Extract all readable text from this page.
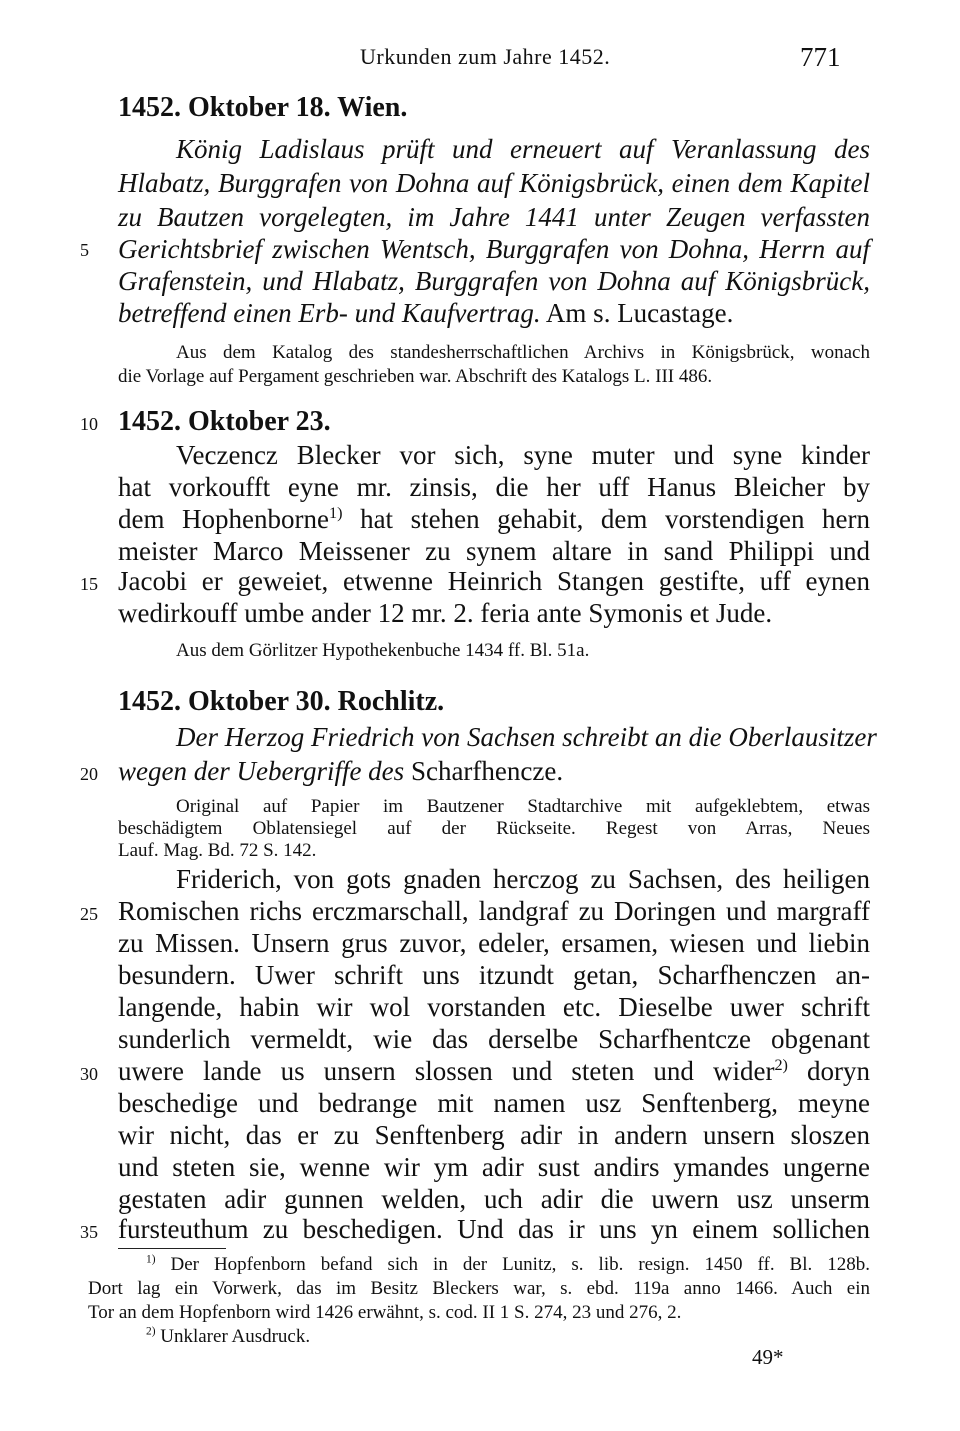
Urkunden zum Jahre 1452.	771
1452. Oktober 18. Wien.
König Ladislaus prüft und erneuert auf Veranlassung des
Hlabatz, Burggrafen von Dohna auf Königsbrück, einen dem Kapitel
zu Bautzen vorgelegten, im Jahre 1441 unter Zeugen verfassten
5	Gerichtsbrief zwischen Wentsch, Burggrafen von Dohna, Herrn auf
Grafenstein, und Hlabatz, Burggrafen von Dohna auf Königsbrück,
betreffend einen Erb- und Kaufvertrag. Am s. Lucastage.
Aus dem Katalog des standesherrschaftlichen Archivs in Königsbrück, wonach
die Vorlage auf Pergament geschrieben war. Abschrift des Katalogs L. III 486.
10 1452. Oktober 23.
Veczencz Blecker vor sich, syne muter und syne kinder
hat vorkoufft eyne mr. zinsis, die her uff Hanus Bleicher by
dem Hophenborne$^{1)}$ hat stehen gehabit, dem vorstendigen hern
meister Marco Meissener zu synem altare in sand Philippi und
15 Jacobi er geweiet, etwenne Heinrich Stangen gestifte, uff eynen
wedirkouff umbe ander 12 mr. 2. feria ante Symonis et Jude.
Aus dem Görlitzer Hypothekenbuche 1434 ff. Bl. 51a.
1452. Oktober 30. Rochlitz.
Der Herzog Friedrich von Sachsen schreibt an die Oberlausitzer
20 wegen der Uebergriffe des Scharfhencze.
Original auf Papier im Bautzener Stadtarchive mit aufgeklebtem, etwas
beschädigtem Oblatensiegel auf der Rückseite. Regest von Arras, Neues
Lauf. Mag. Bd. 72 S. 142.
Friderich, von gots gnaden herczog zu Sachsen, des heiligen
25 Romischen richs erczmarschall, landgraf zu Doringen und margraff
zu Missen. Unsern grus zuvor, edeler, ersamen, wiesen und liebin
besundern. Uwer schrift uns itzundt getan, Scharfhenczen an-
langende, habin wir wol vorstanden etc. Dieselbe uwer schrift
sunderlich vermeldt, wie das derselbe Scharfhentcze obgenant
30 uwere lande us unsern slossen und steten und wider$^{2)}$ doryn
beschedige und bedrange mit namen usz Senftenberg, meyne
wir nicht, das er zu Senftenberg adir in andern unsern sloszen
und steten sie, wenne wir ym adir sust andirs ymandes ungerne
gestaten adir gunnen welden, uch adir die uwern usz unserm
35 fursteuthum zu beschedigen. Und das ir uns yn einem sollichen
$^{1)}$ Der Hopfenborn befand sich in der Lunitz, s. lib. resign. 1450 ff. Bl. 128b.
Dort lag ein Vorwerk, das im Besitz Bleckers war, s. ebd. 119a anno 1466. Auch ein
Tor an dem Hopfenborn wird 1426 erwähnt, s. cod. II 1 S. 274, 23 und 276, 2.
$^{2)}$ Unklarer Ausdruck.
49*
